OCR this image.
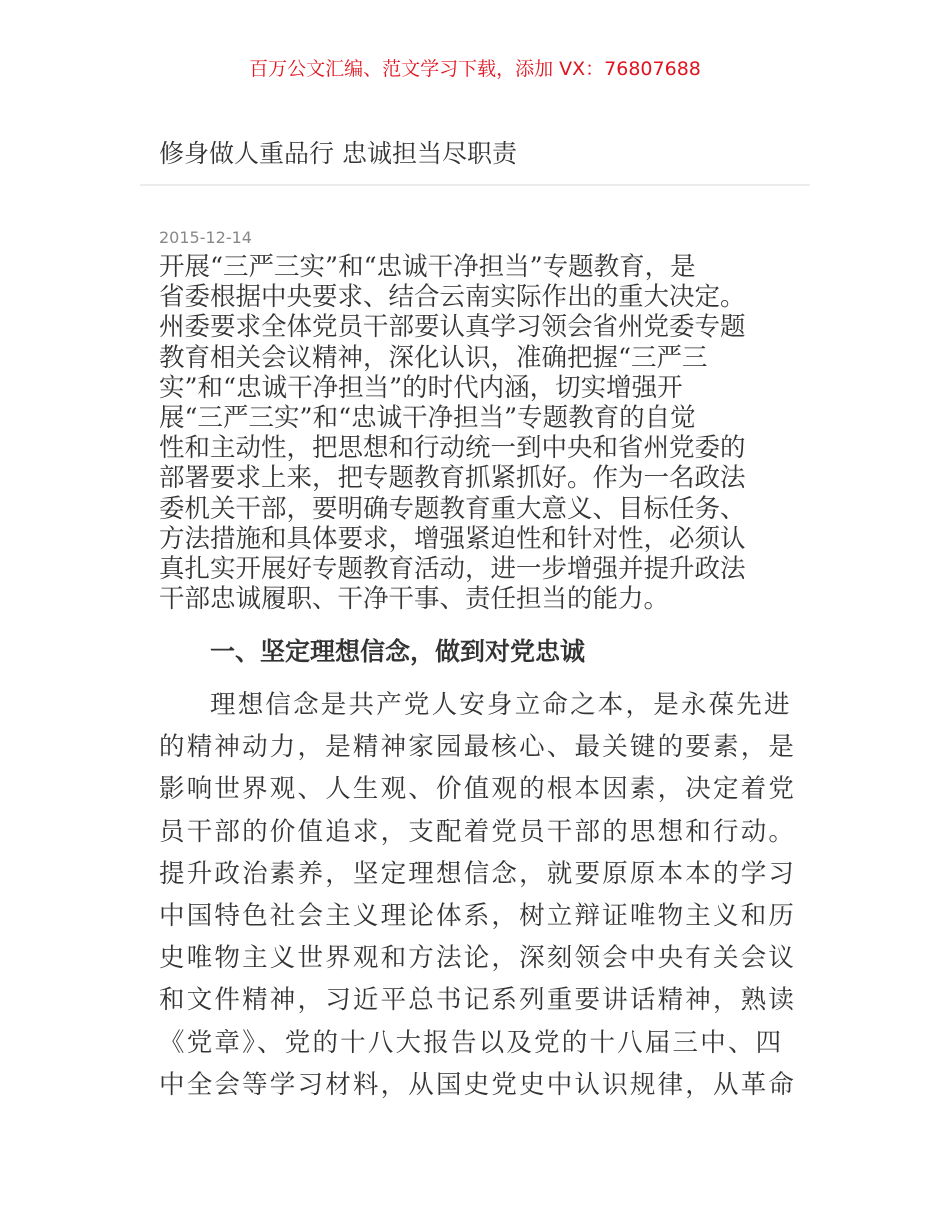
百万公文汇编、范文学习下载，添加 VX：76807688
修身做人重品行 忠诚担当尽职责
2015-12-14
开展“三严三实”和“忠诚干净担当”专题教育，是
省委根据中央要求、结合云南实际作出的重大决定。
州委要求全体党员干部要认真学习领会省州党委专题
教育相关会议精神，深化认识，准确把握“三严三
实”和“忠诚干净担当”的时代内涵，切实增强开
展“三严三实”和“忠诚干净担当”专题教育的自觉
性和主动性，把思想和行动统一到中央和省州党委的
部署要求上来，把专题教育抓紧抓好。作为一名政法
委机关干部，要明确专题教育重大意义、目标任务、
方法措施和具体要求，增强紧迫性和针对性，必须认
真扎实开展好专题教育活动，进一步增强并提升政法
干部忠诚履职、干净干事、责任担当的能力。
一、坚定理想信念，做到对党忠诚
理想信念是共产党人安身立命之本，是永葆先进
的精神动力，是精神家园最核心、最关键的要素，是
影响世界观、人生观、价值观的根本因素，决定着党
员干部的价值追求，支配着党员干部的思想和行动。
提升政治素养，坚定理想信念，就要原原本本的学习
中国特色社会主义理论体系，树立辩证唯物主义和历
史唯物主义世界观和方法论，深刻领会中央有关会议
和文件精神，习近平总书记系列重要讲话精神，熟读
《党章》、党的十八大报告以及党的十八届三中、四
中全会等学习材料，从国史党史中认识规律，从革命
